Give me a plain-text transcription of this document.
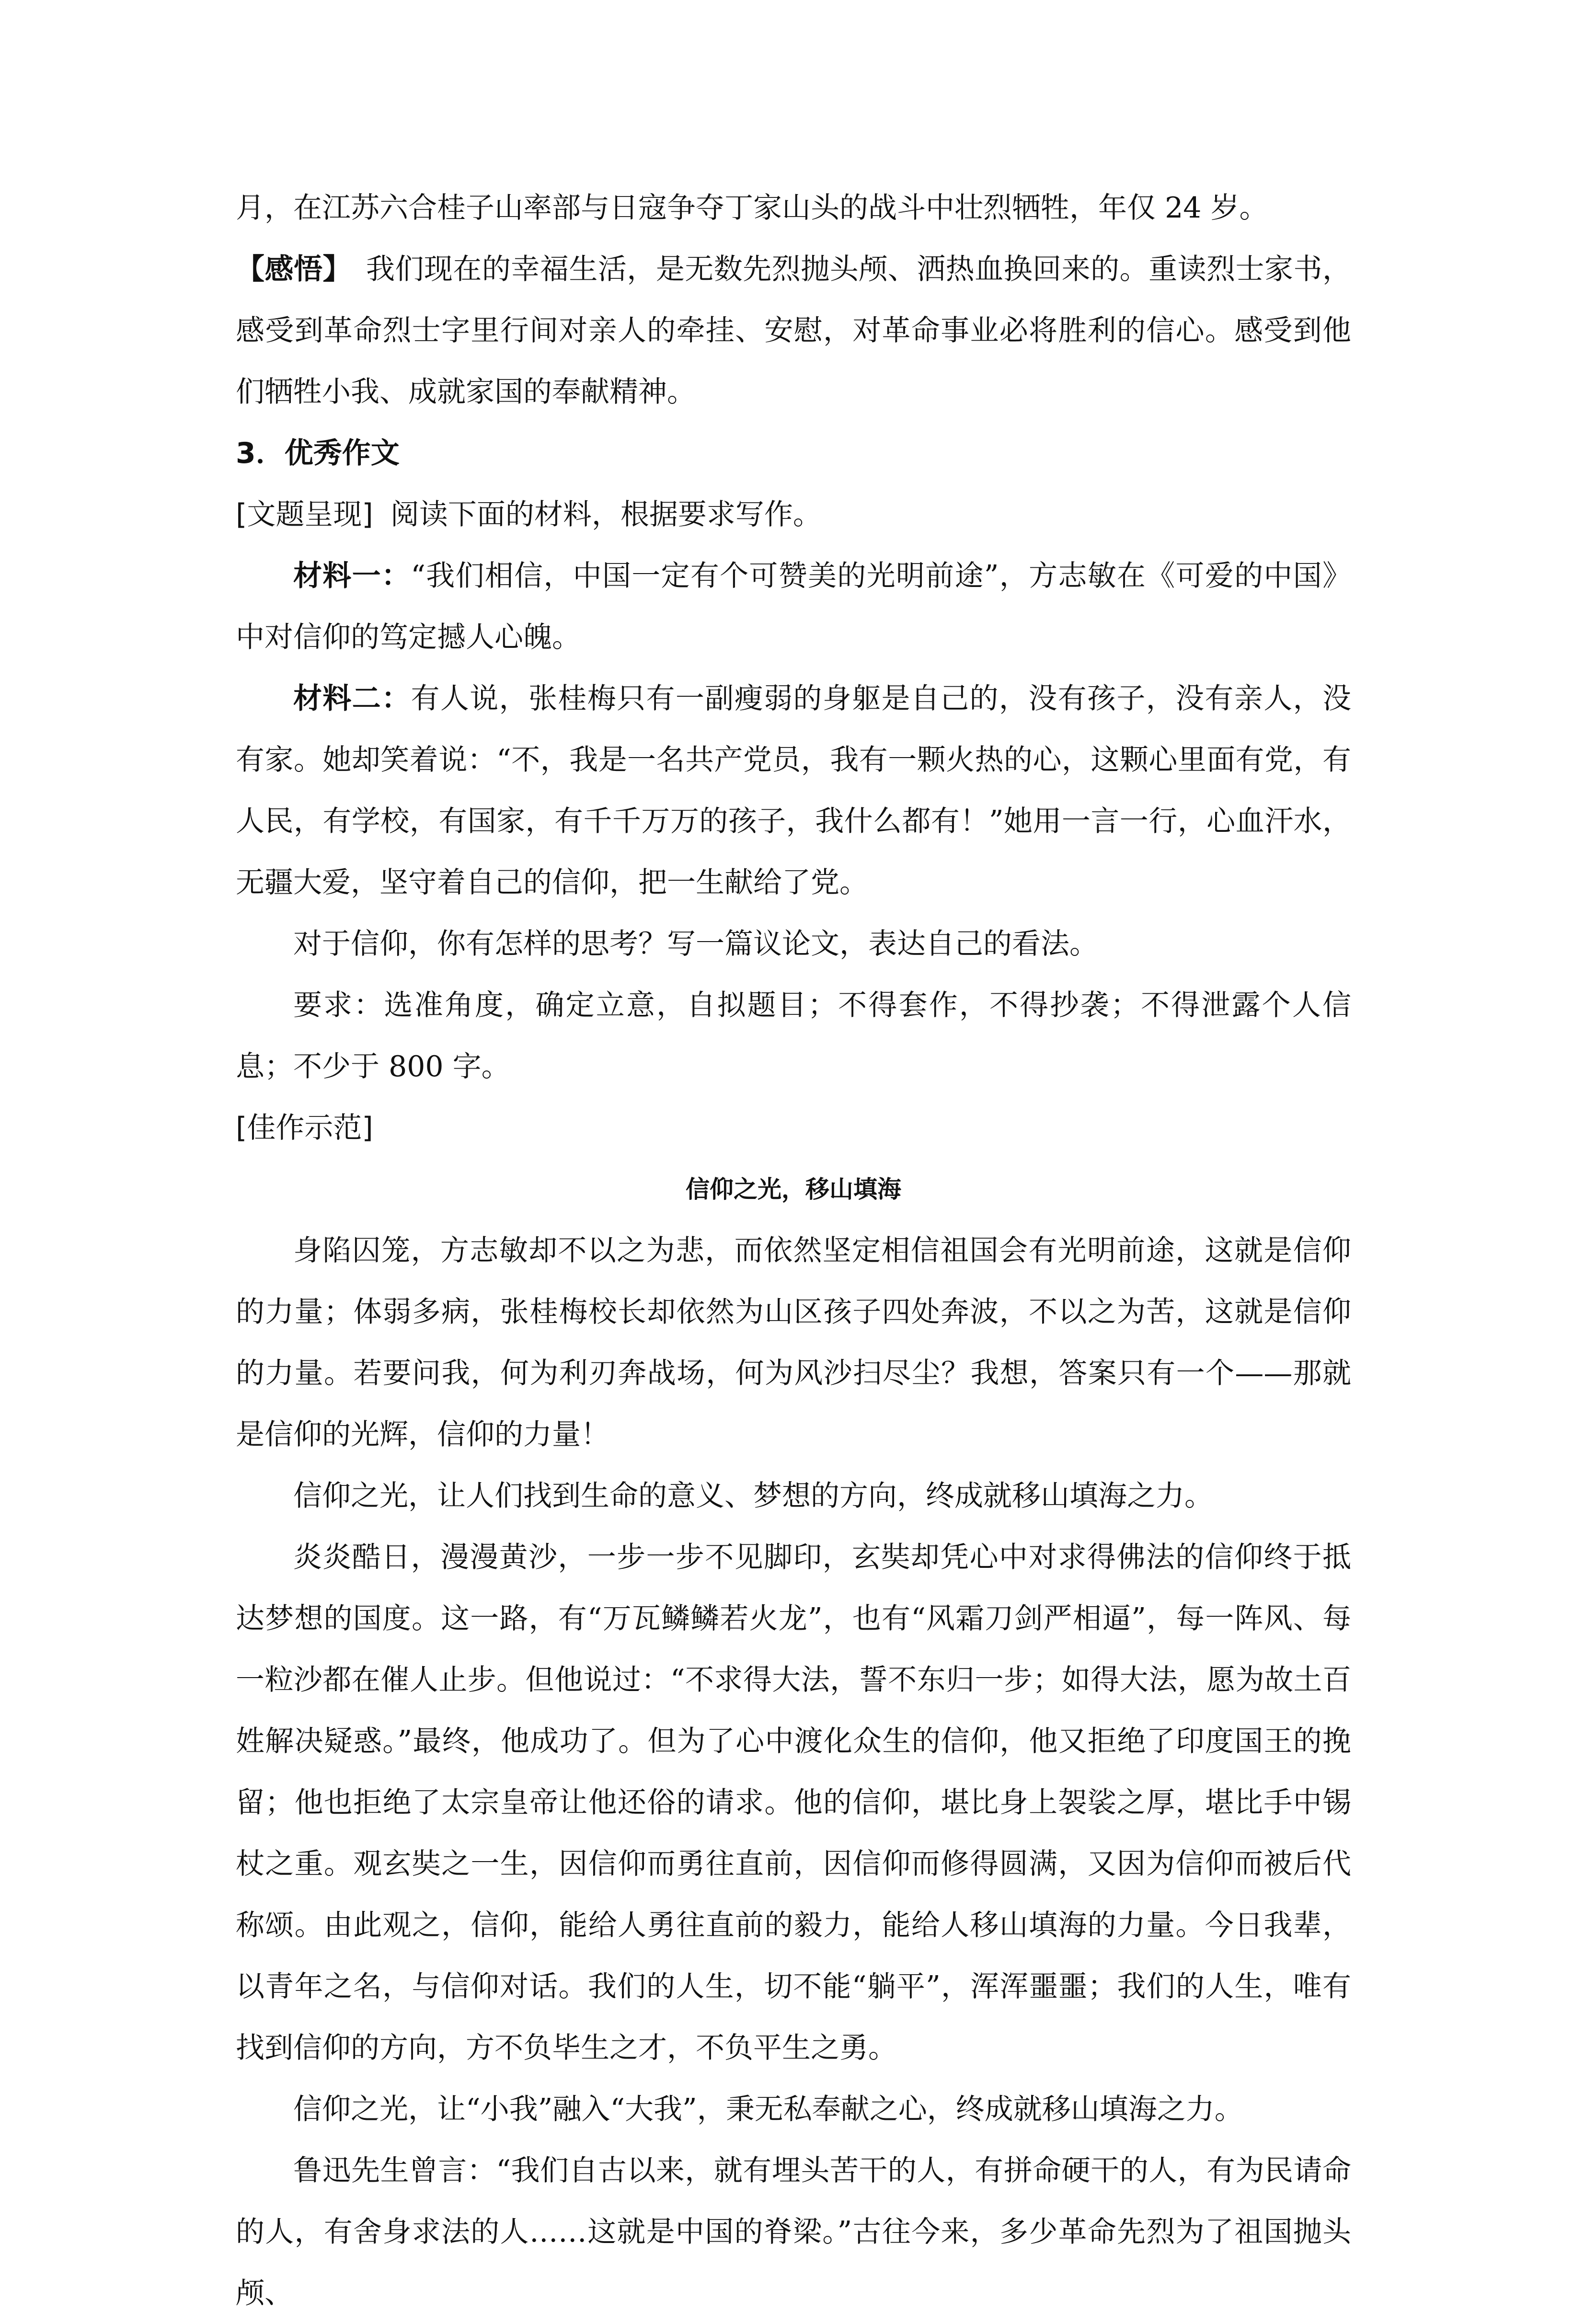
月，在江苏六合桂子山率部与日寇争夺丁家山头的战斗中壮烈牺牲，年仅 24 岁。

【感悟】 我们现在的幸福生活，是无数先烈抛头颅、洒热血换回来的。重读烈士家书，感受到革命烈士字里行间对亲人的牵挂、安慰，对革命事业必将胜利的信心。感受到他们牺牲小我、成就家国的奉献精神。

3．优秀作文

[文题呈现] 阅读下面的材料，根据要求写作。

材料一：“我们相信，中国一定有个可赞美的光明前途”，方志敏在《可爱的中国》中对信仰的笃定撼人心魄。

材料二：有人说，张桂梅只有一副瘦弱的身躯是自己的，没有孩子，没有亲人，没有家。她却笑着说：“不，我是一名共产党员，我有一颗火热的心，这颗心里面有党，有人民，有学校，有国家，有千千万万的孩子，我什么都有！”她用一言一行，心血汗水，无疆大爱，坚守着自己的信仰，把一生献给了党。

对于信仰，你有怎样的思考？写一篇议论文，表达自己的看法。

要求：选准角度，确定立意，自拟题目；不得套作，不得抄袭；不得泄露个人信息；不少于 800 字。

[佳作示范]

信仰之光，移山填海

身陷囚笼，方志敏却不以之为悲，而依然坚定相信祖国会有光明前途，这就是信仰的力量；体弱多病，张桂梅校长却依然为山区孩子四处奔波，不以之为苦，这就是信仰的力量。若要问我，何为利刃奔战场，何为风沙扫尽尘？我想，答案只有一个——那就是信仰的光辉，信仰的力量！

信仰之光，让人们找到生命的意义、梦想的方向，终成就移山填海之力。

炎炎酷日，漫漫黄沙，一步一步不见脚印，玄奘却凭心中对求得佛法的信仰终于抵达梦想的国度。这一路，有“万瓦鳞鳞若火龙”，也有“风霜刀剑严相逼”，每一阵风、每一粒沙都在催人止步。但他说过：“不求得大法，誓不东归一步；如得大法，愿为故土百姓解决疑惑。”最终，他成功了。但为了心中渡化众生的信仰，他又拒绝了印度国王的挽留；他也拒绝了太宗皇帝让他还俗的请求。他的信仰，堪比身上袈裟之厚，堪比手中锡杖之重。观玄奘之一生，因信仰而勇往直前，因信仰而修得圆满，又因为信仰而被后代称颂。由此观之，信仰，能给人勇往直前的毅力，能给人移山填海的力量。今日我辈，以青年之名，与信仰对话。我们的人生，切不能“躺平”，浑浑噩噩；我们的人生，唯有找到信仰的方向，方不负毕生之才，不负平生之勇。

信仰之光，让“小我”融入“大我”，秉无私奉献之心，终成就移山填海之力。

鲁迅先生曾言：“我们自古以来，就有埋头苦干的人，有拼命硬干的人，有为民请命的人，有舍身求法的人……这就是中国的脊梁。”古往今来，多少革命先烈为了祖国抛头颅、
